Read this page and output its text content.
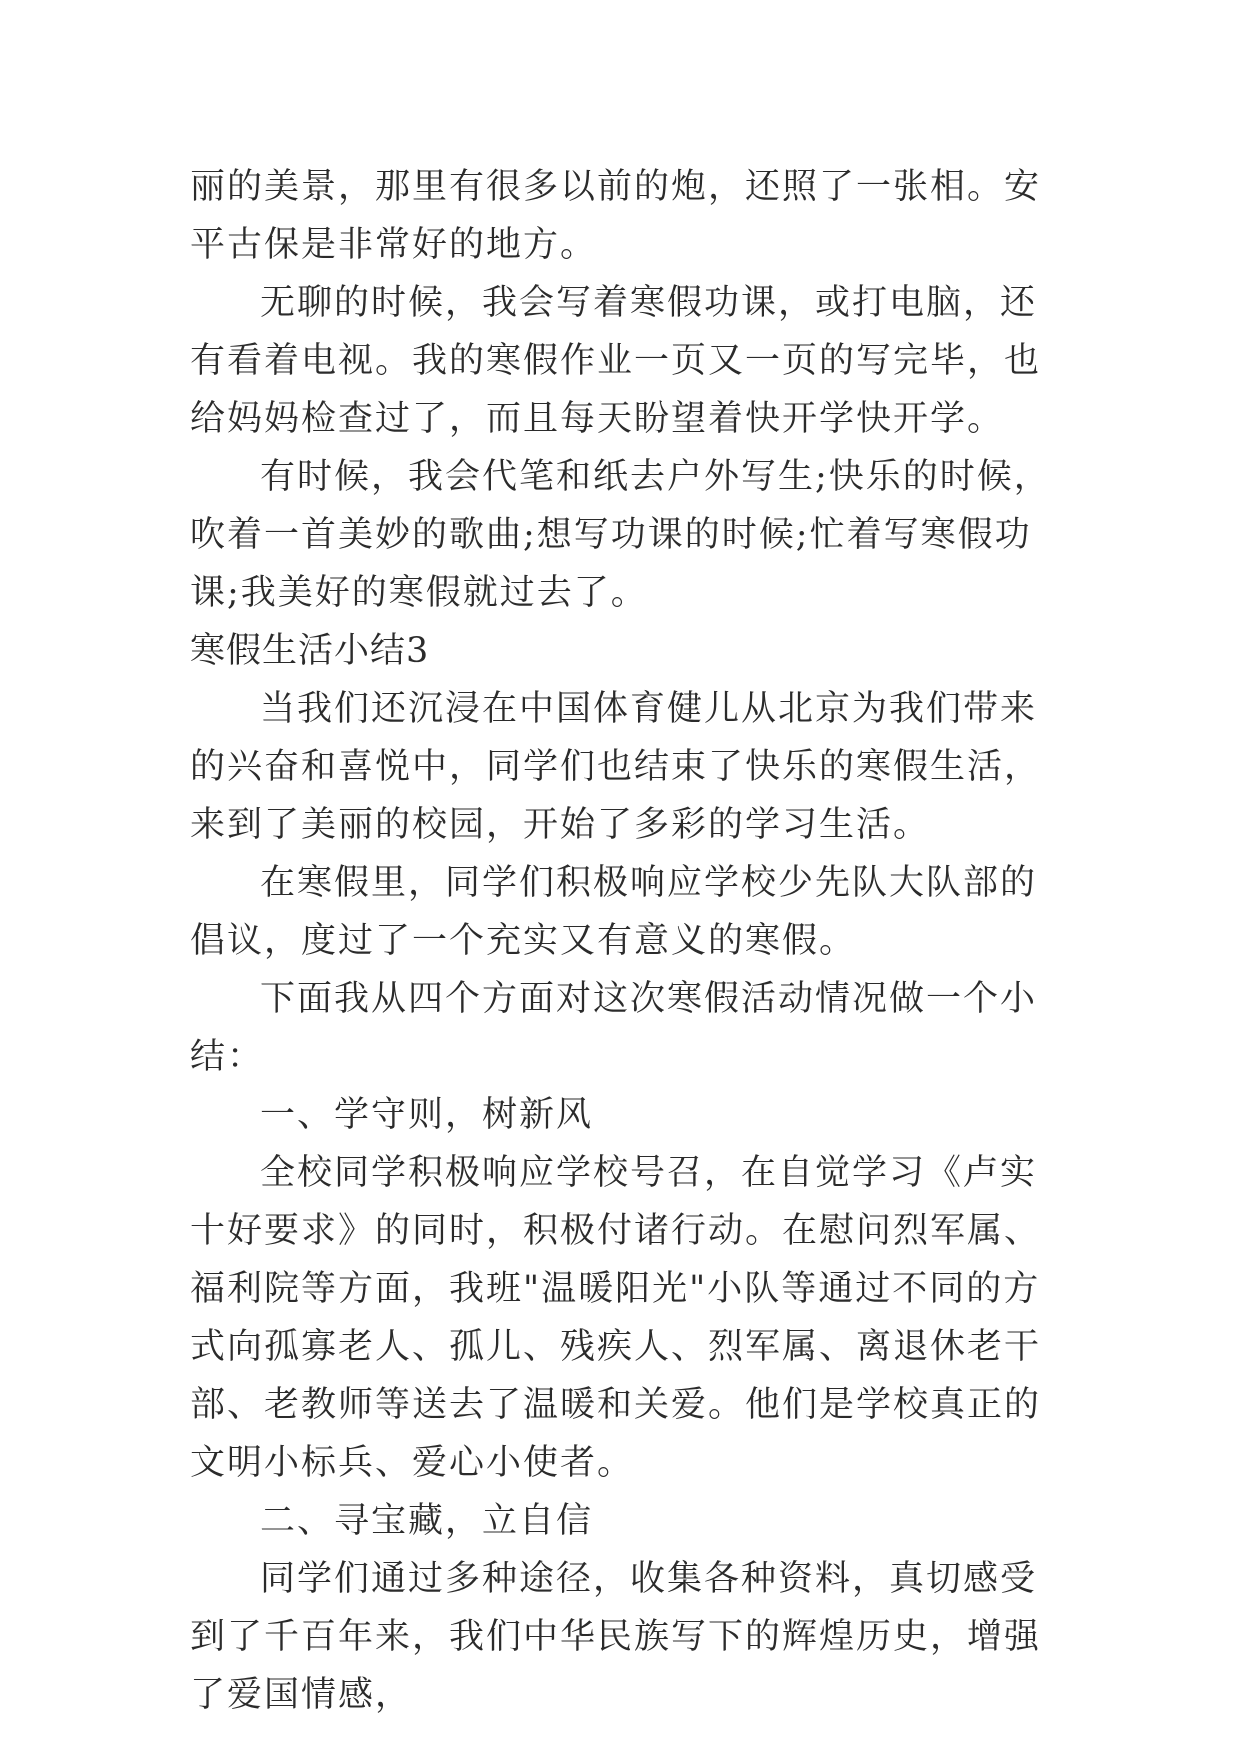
丽的美景，那里有很多以前的炮，还照了一张相。安平古保是非常好的地方。

无聊的时候，我会写着寒假功课，或打电脑，还有看着电视。我的寒假作业一页又一页的写完毕，也给妈妈检查过了，而且每天盼望着快开学快开学。

有时候，我会代笔和纸去户外写生;快乐的时候，吹着一首美妙的歌曲;想写功课的时候;忙着写寒假功课;我美好的寒假就过去了。

寒假生活小结3

当我们还沉浸在中国体育健儿从北京为我们带来的兴奋和喜悦中，同学们也结束了快乐的寒假生活，来到了美丽的校园，开始了多彩的学习生活。

在寒假里，同学们积极响应学校少先队大队部的倡议，度过了一个充实又有意义的寒假。

下面我从四个方面对这次寒假活动情况做一个小结：

一、学守则，树新风

全校同学积极响应学校号召，在自觉学习《卢实十好要求》的同时，积极付诸行动。在慰问烈军属、福利院等方面，我班"温暖阳光"小队等通过不同的方式向孤寡老人、孤儿、残疾人、烈军属、离退休老干部、老教师等送去了温暖和关爱。他们是学校真正的文明小标兵、爱心小使者。

二、寻宝藏，立自信

同学们通过多种途径，收集各种资料，真切感受到了千百年来，我们中华民族写下的辉煌历史，增强了爱国情感，
